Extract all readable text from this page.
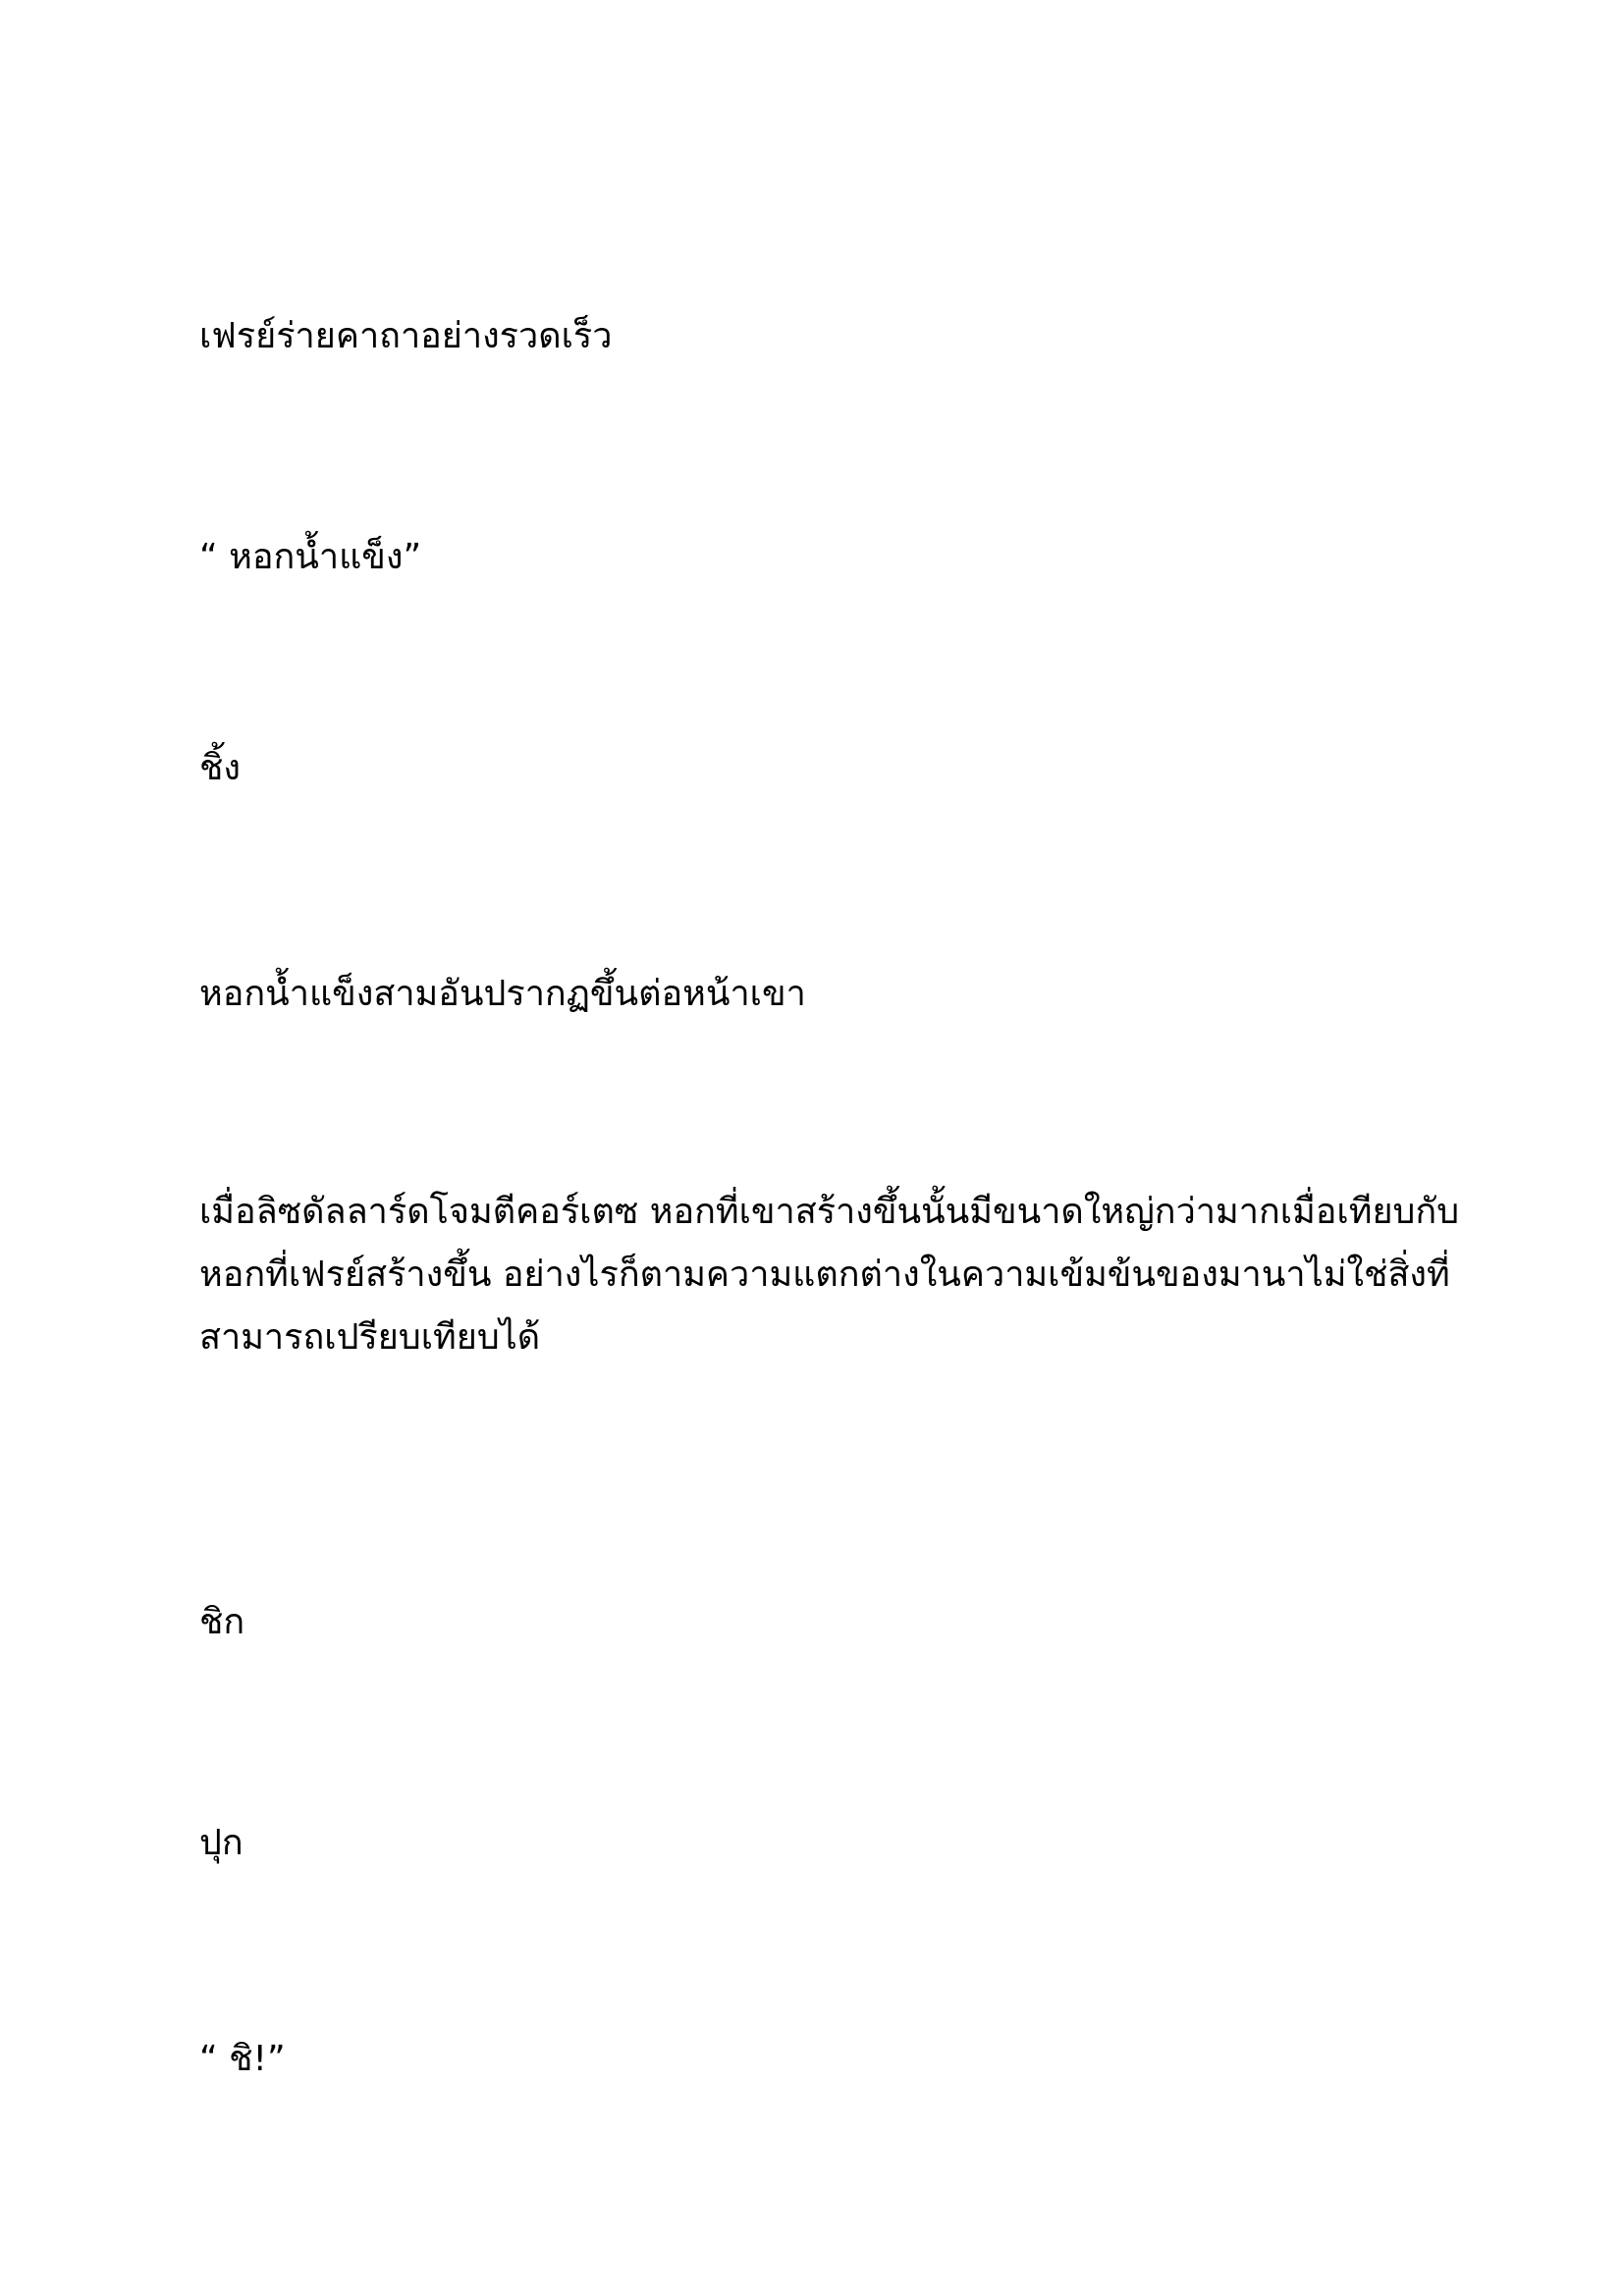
เฟรย์ร่ายคาถาอย่างรวดเร็ว

“ หอกน้ำแข็ง”

ชิ้ง

หอกน้ำแข็งสามอันปรากฏขึ้นต่อหน้าเขา

เมื่อลิซดัลลาร์ดโจมตีคอร์เตซ หอกที่เขาสร้างขึ้นนั้นมีขนาดใหญ่กว่ามากเมื่อเทียบกับ
หอกที่เฟรย์สร้างขึ้น อย่างไรก็ตามความแตกต่างในความเข้มข้นของมานาไม่ใช่สิ่งที่
สามารถเปรียบเทียบได้

ชิก

ปุก

“ ชิ!”
